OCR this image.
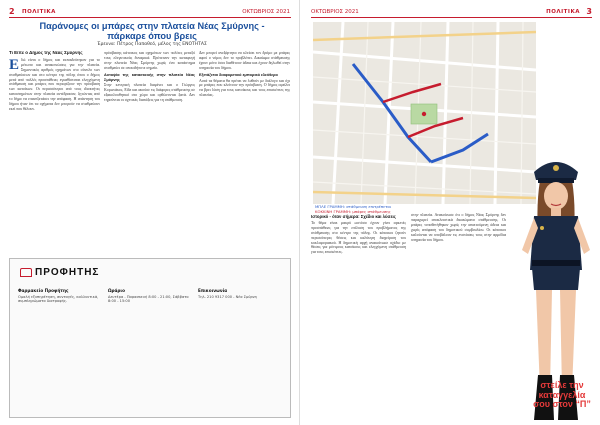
2 ΠΟΛΙΤΙΚΑ	ΟΚΤΩΒΡΙΟΣ 2021
Παράνομες οι μπάρες στην πλατεία Νέας Σμύρνης -
πάρκαρε όπου βρεις
Έρευνα: Πέτρος Παπαθεό, μέλος της ΕΝΟΤΗΤΑΣ
Τι Είπε ο Δήμος της Νέας Σμύρνης
Ε δώ είναι ο δήμος και εκπαιδεύτηκαν για το μέτωπο και ανακοινώσεις για την πλατεία. Σημαντικός αριθμός οχημάτων στο σύνολο των σταθμεύσεων και στο κέντρο της πόλης όπου ο δήμος μετά από πολλές προσπάθειες εγκαθίσταται ελεγχόμενη στάθμευση και μπάρες που περιορίζουν την πρόσβαση των κατοίκων. Οι περισσότεροι από τους ιδιοκτήτες καταστημάτων στην πλατεία αντέδρασαν, ζητώντας από το δήμο να επανεξετάσει την απόφαση. Η απάντηση του δήμου ήταν ότι τα οχήματα δεν μπορούν να σταθμεύουν εκεί που θέλουν.

πρόσβασης κάτοικος και οχημάτων των πολίτες μεταξύ τους ελεγκτικούς δυναμικά. Πρότειναν την καταφυγή στην πλατεία Νέας Σμύρνης χωρίς ένα κατάστημα σταθμεύει σε οποιοδήποτε σημείο.

Αυτοψία της κατασκευής στην πλατεία Νέας Σμύρνης

Στην κεντρική πλατεία διαμένει και ο Γιώργος Κορωνάκος. Είδε και ακούσε τις διάφορες στάθμευσης σε εξακολουθητικό στο χώρο και ορθώνονται ξανά. Δεν τηρούνται οι σχετικές διατάξεις για τη στάθμευση.

Δεν μπορεί ανεξάρτητα να κλείσει τον δρόμο με μπάρες αφού ο νόμος δεν το προβλέπει. Δικαίωμα στάθμευσης έχουν μόνο όσοι διαθέτουν άδεια και έχουν δηλωθεί στην υπηρεσία του δήμου.

Εξετάζεται διαφορετικό εμπορικό ελεύθερο

Αυτά τα θέματα θα πρέπει να λυθούν με διάλογο και όχι με μπάρες που κλείνουν την πρόσβαση. Ο δήμος οφείλει να βρει λύση για τους κατοίκους και τους επισκέπτες της πλατείας.

ΠΡΟΦΗΤΗΣ
Φαρμακείο Προφήτης
Ομαλή εξυπηρέτηση, συνταγές, καλλυντικά, συμπληρώματα διατροφής.
Ωράριο
Δευτέρα - Παρασκευή 8:00 - 21:00, Σάββατο 8:00 - 15:00
Επικοινωνία
Τηλ. 210 9317 000 - Νέα Σμύρνη
ΟΚΤΩΒΡΙΟΣ 2021	ΠΟΛΙΤΙΚΑ 3
ΜΠΛΕ ΓΡΑΜΜΗ: στάθμευση επιτρέπεται
ΚΟΚΚΙΝΗ ΓΡΑΜΜΗ: μπάρες στάθμευσης
Ιστορικό - όταν σήμερα: Σχέδιο και λύσεις

Το θέμα είναι μακρύ ωστόσο έχουν γίνει αρκετές προσπάθειες για την επίλυση του προβλήματος της στάθμευσης στο κέντρο της πόλης. Οι κάτοικοι ζητούν περισσότερες θέσεις και καλύτερη διαχείριση του κυκλοφοριακού. Η δημοτική αρχή ανακοίνωσε σχέδιο με θέσεις για μόνιμους κατοίκους και ελεγχόμενη στάθμευση για τους επισκέπτες.

στην πλατεία. Ανακοίνωσε ότι ο δήμος Νέας Σμύρνης δεν παραχωρεί αποκλειστικά δικαιώματα στάθμευσης. Οι μπάρες τοποθετήθηκαν χωρίς την απαιτούμενη άδεια και χωρίς απόφαση του δημοτικού συμβουλίου. Οι κάτοικοι καλούνται να υποβάλουν τις ενστάσεις τους στην αρμόδια υπηρεσία του δήμου.

στείλε την
καταγγελία
σου στον “Π”
